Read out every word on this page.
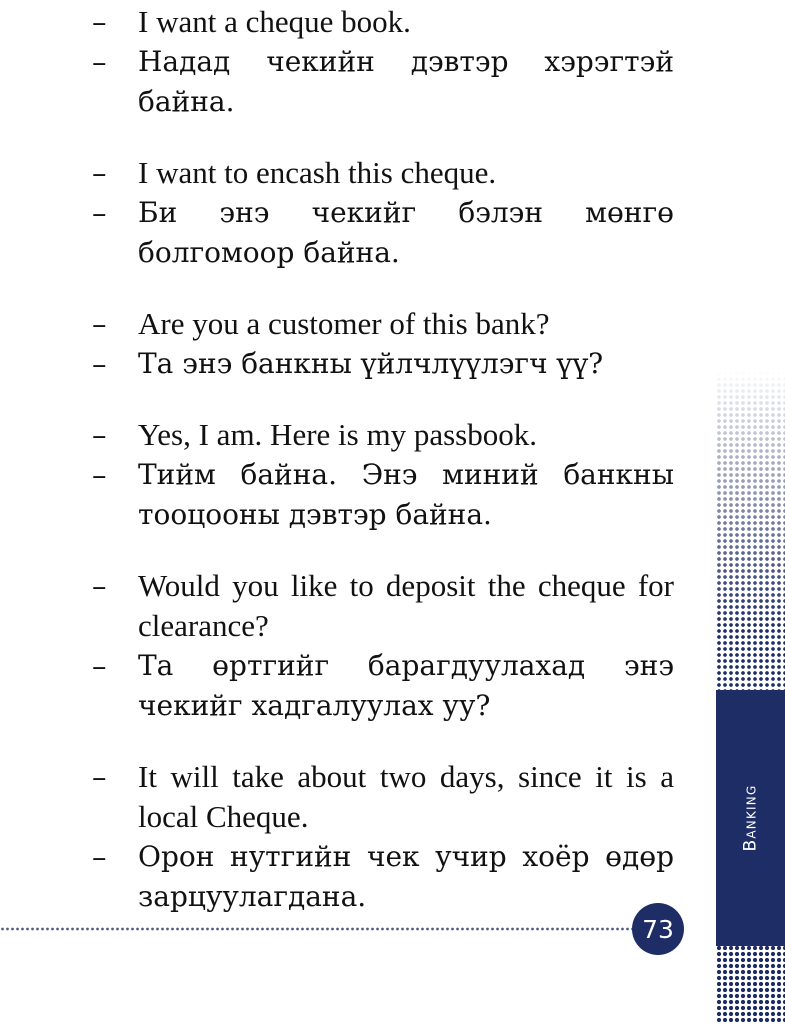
–	I want a cheque book.
–	Надад чекийн дэвтэр хэрэгтэй байна.
–	I want to encash this cheque.
–	Би энэ чекийг бэлэн мөнгө болгомоор байна.
–	Are you a customer of this bank?
–	Та энэ банкны үйлчлүүлэгч үү?
–	Yes, I am. Here is my passbook.
–	Тийм байна. Энэ миний банкны тооцооны дэвтэр байна.
–	Would you like to deposit the cheque for clearance?
–	Та өртгийг барагдуулахад энэ чекийг хадгалуулах уу?
–	It will take about two days, since it is a local Cheque.
–	Орон нутгийн чек учир хоёр өдөр зарцуулагдана.
Banking
73
